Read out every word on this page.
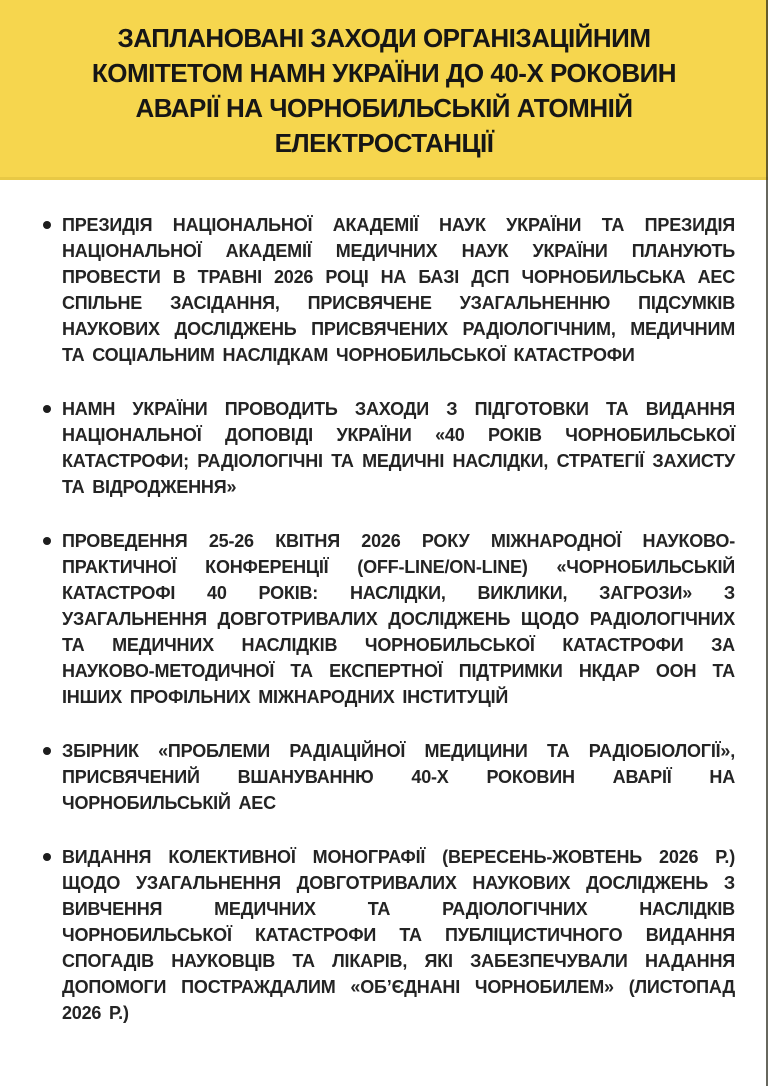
ЗАПЛАНОВАНІ ЗАХОДИ ОРГАНІЗАЦІЙНИМ
КОМІТЕТОМ НАМН УКРАЇНИ ДО 40-Х РОКОВИН
АВАРІЇ НА ЧОРНОБИЛЬСЬКІЙ АТОМНІЙ
ЕЛЕКТРОСТАНЦІЇ
ПРЕЗИДІЯ НАЦІОНАЛЬНОЇ АКАДЕМІЇ НАУК УКРАЇНИ ТА ПРЕЗИДІЯ НАЦІОНАЛЬНОЇ АКАДЕМІЇ МЕДИЧНИХ НАУК УКРАЇНИ ПЛАНУЮТЬ ПРОВЕСТИ В ТРАВНІ 2026 РОЦІ НА БАЗІ ДСП ЧОРНОБИЛЬСЬКА АЕС СПІЛЬНЕ ЗАСІДАННЯ, ПРИСВЯЧЕНЕ УЗАГАЛЬНЕННЮ ПІДСУМКІВ НАУКОВИХ ДОСЛІДЖЕНЬ ПРИСВЯЧЕНИХ РАДІОЛОГІЧНИМ, МЕДИЧНИМ ТА СОЦІАЛЬНИМ НАСЛІДКАМ ЧОРНОБИЛЬСЬКОЇ КАТАСТРОФИ
НАМН УКРАЇНИ ПРОВОДИТЬ ЗАХОДИ З ПІДГОТОВКИ ТА ВИДАННЯ НАЦІОНАЛЬНОЇ ДОПОВІДІ УКРАЇНИ «40 РОКІВ ЧОРНОБИЛЬСЬКОЇ КАТАСТРОФИ; РАДІОЛОГІЧНІ ТА МЕДИЧНІ НАСЛІДКИ, СТРАТЕГІЇ ЗАХИСТУ ТА ВІДРОДЖЕННЯ»
ПРОВЕДЕННЯ 25-26 КВІТНЯ 2026 РОКУ МІЖНАРОДНОЇ НАУКОВО-ПРАКТИЧНОЇ КОНФЕРЕНЦІЇ (OFF-LINE/ON-LINE) «ЧОРНОБИЛЬСЬКІЙ КАТАСТРОФІ 40 РОКІВ: НАСЛІДКИ, ВИКЛИКИ, ЗАГРОЗИ» З УЗАГАЛЬНЕННЯ ДОВГОТРИВАЛИХ ДОСЛІДЖЕНЬ ЩОДО РАДІОЛОГІЧНИХ ТА МЕДИЧНИХ НАСЛІДКІВ ЧОРНОБИЛЬСЬКОЇ КАТАСТРОФИ ЗА НАУКОВО-МЕТОДИЧНОЇ ТА ЕКСПЕРТНОЇ ПІДТРИМКИ НКДАР ООН ТА ІНШИХ ПРОФІЛЬНИХ МІЖНАРОДНИХ ІНСТИТУЦІЙ
ЗБІРНИК «ПРОБЛЕМИ РАДІАЦІЙНОЇ МЕДИЦИНИ ТА РАДІОБІОЛОГІЇ», ПРИСВЯЧЕНИЙ ВШАНУВАННЮ 40-Х РОКОВИН АВАРІЇ НА ЧОРНОБИЛЬСЬКІЙ АЕС
ВИДАННЯ КОЛЕКТИВНОЇ МОНОГРАФІЇ (ВЕРЕСЕНЬ-ЖОВТЕНЬ 2026 Р.) ЩОДО УЗАГАЛЬНЕННЯ ДОВГОТРИВАЛИХ НАУКОВИХ ДОСЛІДЖЕНЬ З ВИВЧЕННЯ МЕДИЧНИХ ТА РАДІОЛОГІЧНИХ НАСЛІДКІВ ЧОРНОБИЛЬСЬКОЇ КАТАСТРОФИ ТА ПУБЛІЦИСТИЧНОГО ВИДАННЯ СПОГАДІВ НАУКОВЦІВ ТА ЛІКАРІВ, ЯКІ ЗАБЕЗПЕЧУВАЛИ НАДАННЯ ДОПОМОГИ ПОСТРАЖДАЛИМ «ОБ’ЄДНАНІ ЧОРНОБИЛЕМ» (ЛИСТОПАД 2026 Р.)
